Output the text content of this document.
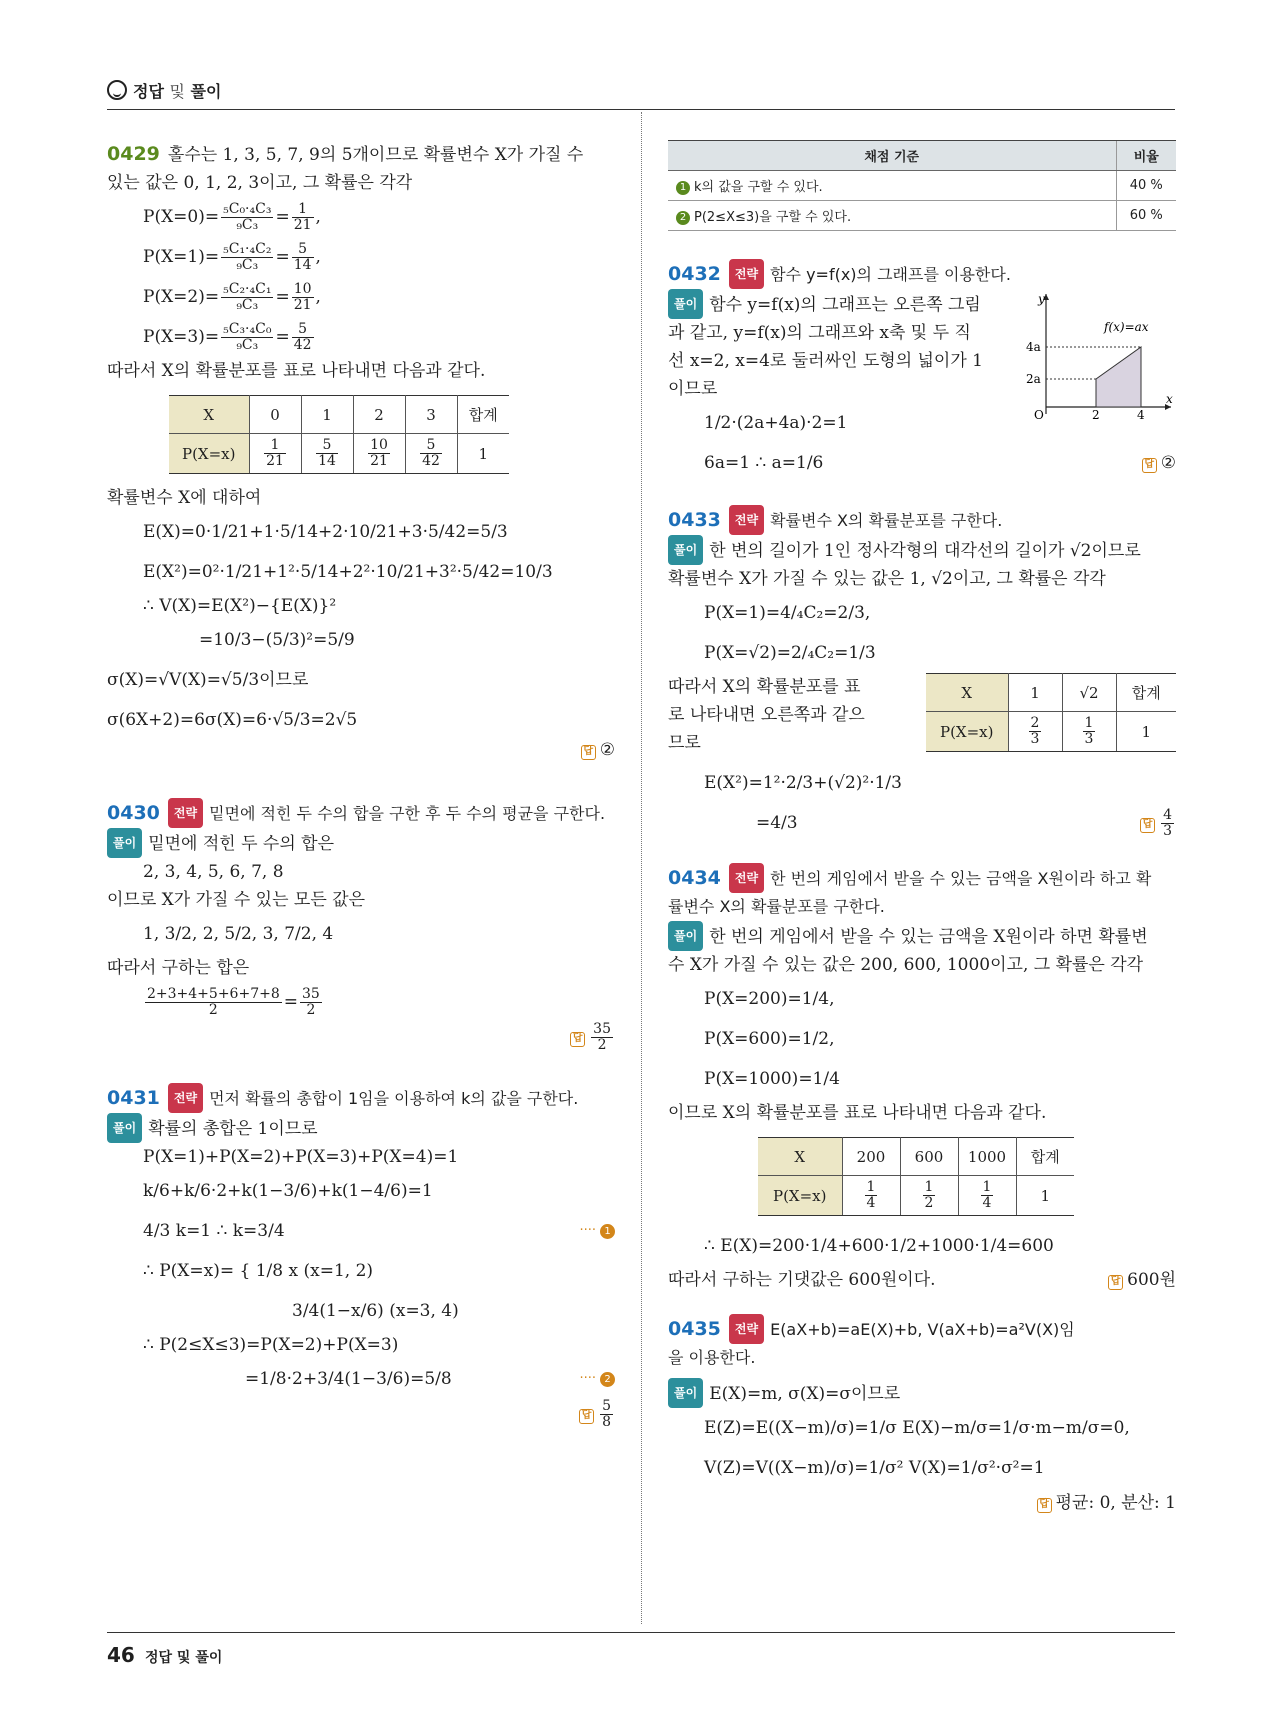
정답 및 풀이
0429 홀수는 1, 3, 5, 7, 9의 5개이므로 확률변수 X가 가질 수
있는 값은 0, 1, 2, 3이고, 그 확률은 각각
$P(X=0)= \frac{\text{₅C₀·₄C₃}}{\text{₉C₃}} = \frac{1}{21}$ ,
$P(X=1)= \frac{\text{₅C₁·₄C₂}}{\text{₉C₃}} = \frac{5}{14}$ ,
$P(X=2)= \frac{\text{₅C₂·₄C₁}}{\text{₉C₃}} = \frac{10}{21}$ ,
$P(X=3)= \frac{\text{₅C₃·₄C₀}}{\text{₉C₃}} = \frac{5}{42}$
따라서 X의 확률분포를 표로 나타내면 다음과 같다.
X	0	1	2	3	합계
P(X=x)	$\frac{1}{21}$	$\frac{5}{14}$	$\frac{10}{21}$	$\frac{5}{42}$	1
확률변수 X에 대하여
E(X)=0·1/21+1·5/14+2·10/21+3·5/42=5/3
E(X²)=0²·1/21+1²·5/14+2²·10/21+3²·5/42=10/3
∴ V(X)=E(X²)−{E(X)}²
=10/3−(5/3)²=5/9
σ(X)=√V(X)=√5/3이므로
σ(6X+2)=6σ(X)=6·√5/3=2√5
답 ②
0430 전략 밑면에 적힌 두 수의 합을 구한 후 두 수의 평균을 구한다.
풀이 밑면에 적힌 두 수의 합은
2, 3, 4, 5, 6, 7, 8
이므로 X가 가질 수 있는 모든 값은
1, 3/2, 2, 5/2, 3, 7/2, 4
따라서 구하는 합은
$\frac{2+3+4+5+6+7+8}{2} = \frac{35}{2}$
답 $\frac{35}{2}$
0431 전략 먼저 확률의 총합이 1임을 이용하여 k의 값을 구한다.
풀이 확률의 총합은 1이므로
P(X=1)+P(X=2)+P(X=3)+P(X=4)=1
k/6+k/6·2+k(1−3/6)+k(1−4/6)=1
4/3 k=1 ∴ k=3/4	···· 1
∴ P(X=x)= { 1/8 x (x=1, 2)
3/4(1−x/6) (x=3, 4)
∴ P(2≤X≤3)=P(X=2)+P(X=3)
=1/8·2+3/4(1−3/6)=5/8	···· 2
답 $\frac{5}{8}$
채점 기준	비율
1 k의 값을 구할 수 있다.	40 %
2 P(2≤X≤3)을 구할 수 있다.	60 %
0432 전략 함수 y=f(x)의 그래프를 이용한다.
풀이 함수 y=f(x)의 그래프는 오른쪽 그림
과 같고, y=f(x)의 그래프와 x축 및 두 직
선 x=2, x=4로 둘러싸인 도형의 넓이가 1
이므로
y
x
O	2	4
4a
2a
f(x)=ax
1/2·(2a+4a)·2=1
6a=1 ∴ a=1/6	답 ②
0433 전략 확률변수 X의 확률분포를 구한다.
풀이 한 변의 길이가 1인 정사각형의 대각선의 길이가 √2이므로
확률변수 X가 가질 수 있는 값은 1, √2이고, 그 확률은 각각
P(X=1)=4/₄C₂=2/3,
P(X=√2)=2/₄C₂=1/3
따라서 X의 확률분포를 표
로 나타내면 오른쪽과 같으
므로
X	1	√2	합계
P(X=x)	$\frac{2}{3}$	$\frac{1}{3}$	1
E(X²)=1²·2/3+(√2)²·1/3
=4/3	답 $\frac{4}{3}$
0434 전략 한 번의 게임에서 받을 수 있는 금액을 X원이라 하고 확
률변수 X의 확률분포를 구한다.
풀이 한 번의 게임에서 받을 수 있는 금액을 X원이라 하면 확률변
수 X가 가질 수 있는 값은 200, 600, 1000이고, 그 확률은 각각
P(X=200)=1/4,
P(X=600)=1/2,
P(X=1000)=1/4
이므로 X의 확률분포를 표로 나타내면 다음과 같다.
X	200	600	1000	합계
P(X=x)	$\frac{1}{4}$	$\frac{1}{2}$	$\frac{1}{4}$	1
∴ E(X)=200·1/4+600·1/2+1000·1/4=600
따라서 구하는 기댓값은 600원이다.	답 600원
0435 전략 E(aX+b)=aE(X)+b, V(aX+b)=a²V(X)임
을 이용한다.
풀이 E(X)=m, σ(X)=σ이므로
E(Z)=E((X−m)/σ)=1/σ E(X)−m/σ=1/σ·m−m/σ=0,
V(Z)=V((X−m)/σ)=1/σ² V(X)=1/σ²·σ²=1
답 평균: 0, 분산: 1
46 정답 및 풀이
